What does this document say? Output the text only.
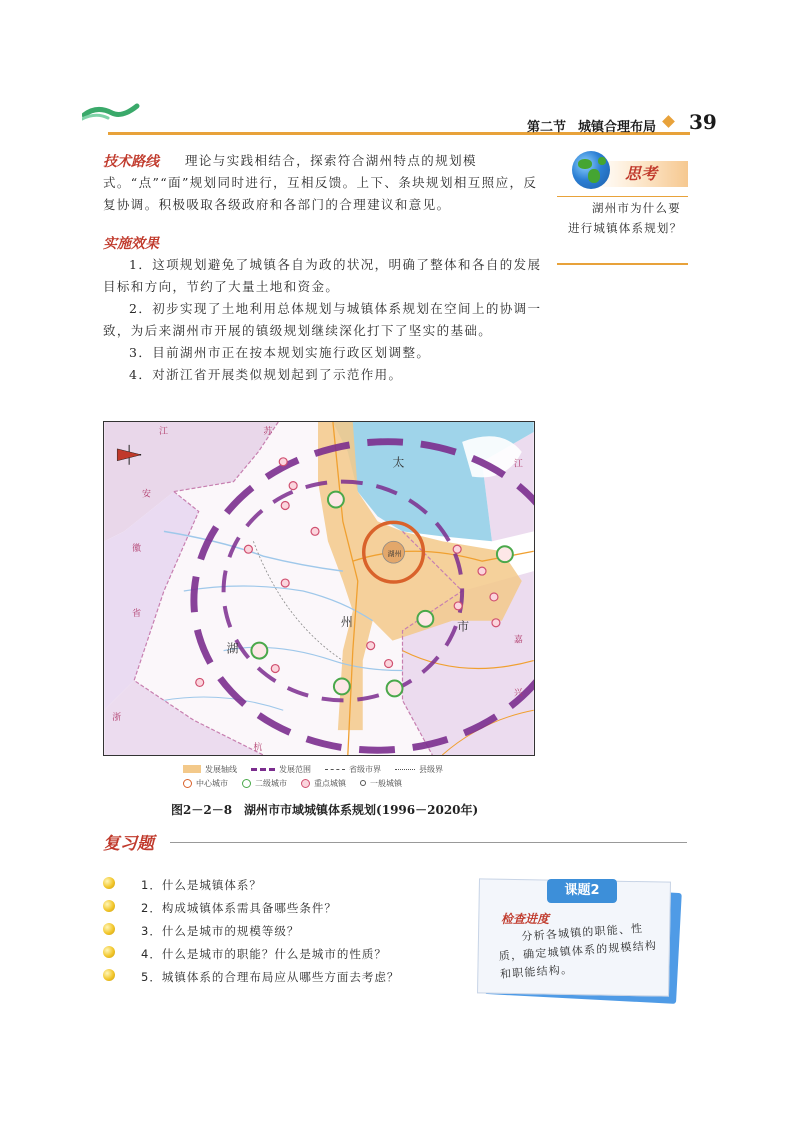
第二节 城镇合理布局 39
技术路线	理论与实践相结合，探索符合湖州特点的规划模式。“点”“面”规划同时进行，互相反馈。上下、条块规划相互照应，反复协调。积极吸取各级政府和各部门的合理建议和意见。
实施效果
1．这项规划避免了城镇各自为政的状况，明确了整体和各自的发展目标和方向，节约了大量土地和资金。
2．初步实现了土地利用总体规划与城镇体系规划在空间上的协调一致，为后来湖州市开展的镇级规划继续深化打下了坚实的基础。
3．目前湖州市正在按本规划实施行政区划调整。
4．对浙江省开展类似规划起到了示范作用。
思考
湖州市为什么要进行城镇体系规划？
江	苏
安
徽
省
浙
江
嘉
兴
杭
湖
州	市
太
湖州
发展轴线	发展范围	省级市界	县级界
中心城市	二级城市	重点城镇	一般城镇
图2－2－8　湖州市市域城镇体系规划(1996－2020年)
复习题
1．什么是城镇体系？
2．构成城镇体系需具备哪些条件？
3．什么是城市的规模等级？
4．什么是城市的职能？什么是城市的性质？
5．城镇体系的合理布局应从哪些方面去考虑？
课题2
检查进度
分析各城镇的职能、性质，确定城镇体系的规模结构和职能结构。
